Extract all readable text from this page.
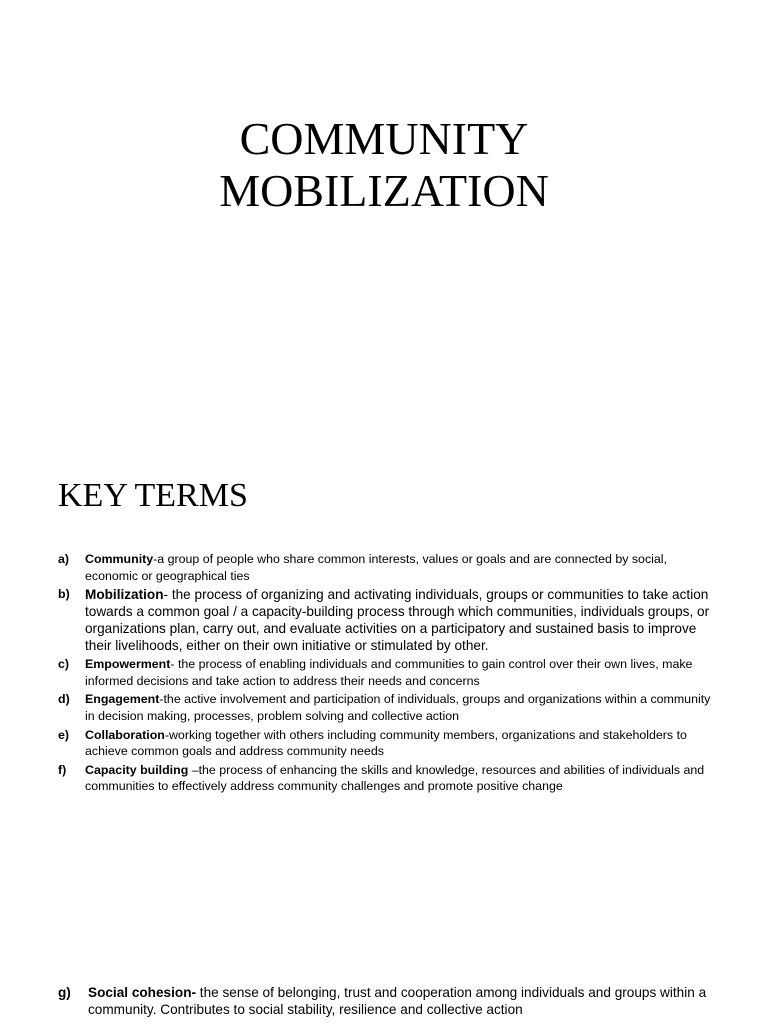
COMMUNITY
MOBILIZATION
KEY TERMS
a) Community-a group of people who share common interests, values or goals and are connected by social, economic or geographical ties
b) Mobilization- the process of organizing and activating individuals, groups or communities to take action towards a common goal / a capacity-building process through which communities, individuals groups, or organizations plan, carry out, and evaluate activities on a participatory and sustained basis to improve their livelihoods, either on their own initiative or stimulated by other.
c) Empowerment- the process of enabling individuals and communities to gain control over their own lives, make informed decisions and take action to address their needs and concerns
d) Engagement-the active involvement and participation of individuals, groups and organizations within a community in decision making, processes, problem solving and collective action
e) Collaboration-working together with others including community members, organizations and stakeholders to achieve common goals and address community needs
f) Capacity building –the process of enhancing the skills and knowledge, resources and abilities of individuals and communities to effectively address community challenges and promote positive change
g) Social cohesion- the sense of belonging, trust and cooperation among individuals and groups within a community. Contributes to social stability, resilience and collective action
